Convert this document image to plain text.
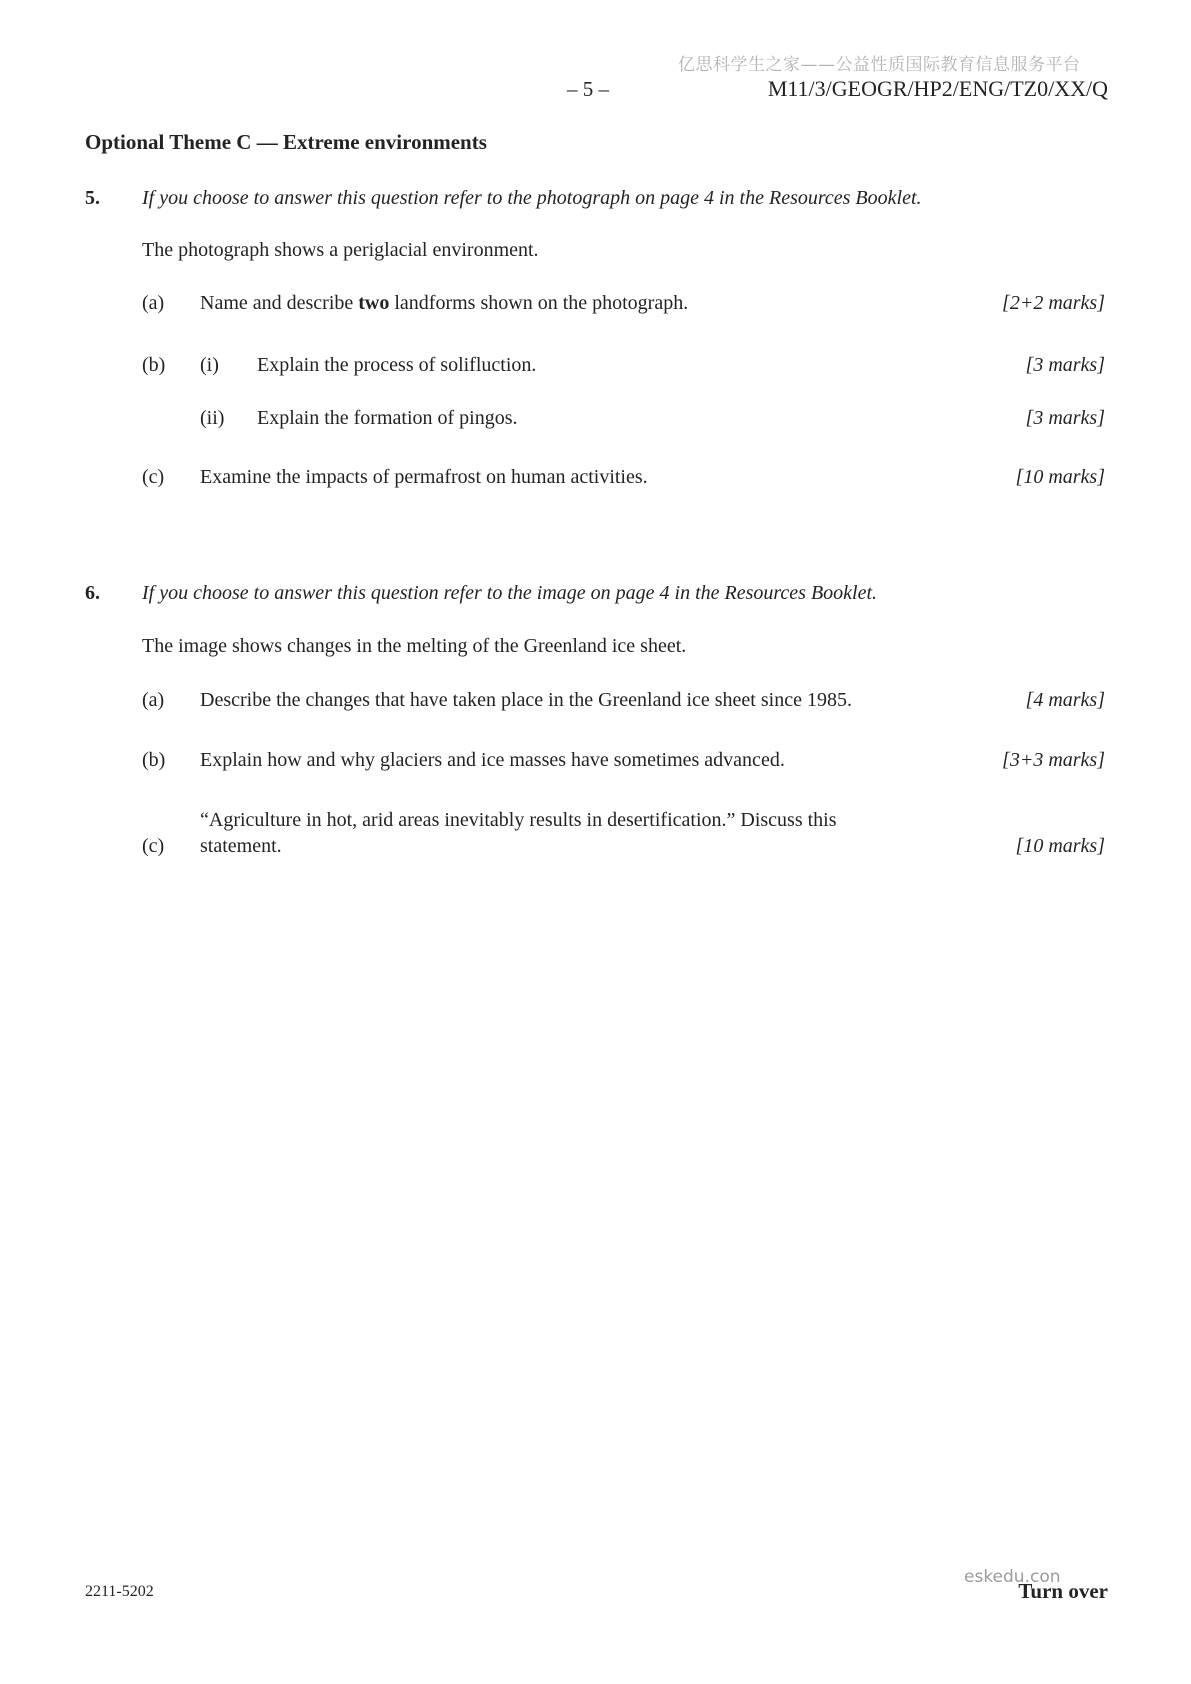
亿思科学生之家——公益性质国际教育信息服务平台
– 5 –	M11/3/GEOGR/HP2/ENG/TZ0/XX/Q
Optional Theme C — Extreme environments
5.	If you choose to answer this question refer to the photograph on page 4 in the Resources Booklet.
The photograph shows a periglacial environment.
(a)	Name and describe two landforms shown on the photograph.	[2+2 marks]
(b)	(i)	Explain the process of solifluction.	[3 marks]
(ii)	Explain the formation of pingos.	[3 marks]
(c)	Examine the impacts of permafrost on human activities.	[10 marks]
6.	If you choose to answer this question refer to the image on page 4 in the Resources Booklet.
The image shows changes in the melting of the Greenland ice sheet.
(a)	Describe the changes that have taken place in the Greenland ice sheet since 1985.	[4 marks]
(b)	Explain how and why glaciers and ice masses have sometimes advanced.	[3+3 marks]
(c)
“Agriculture in hot, arid areas inevitably results in desertification.” Discuss this
statement.	[10 marks]
2211-5202
eskedu.con
Turn over
